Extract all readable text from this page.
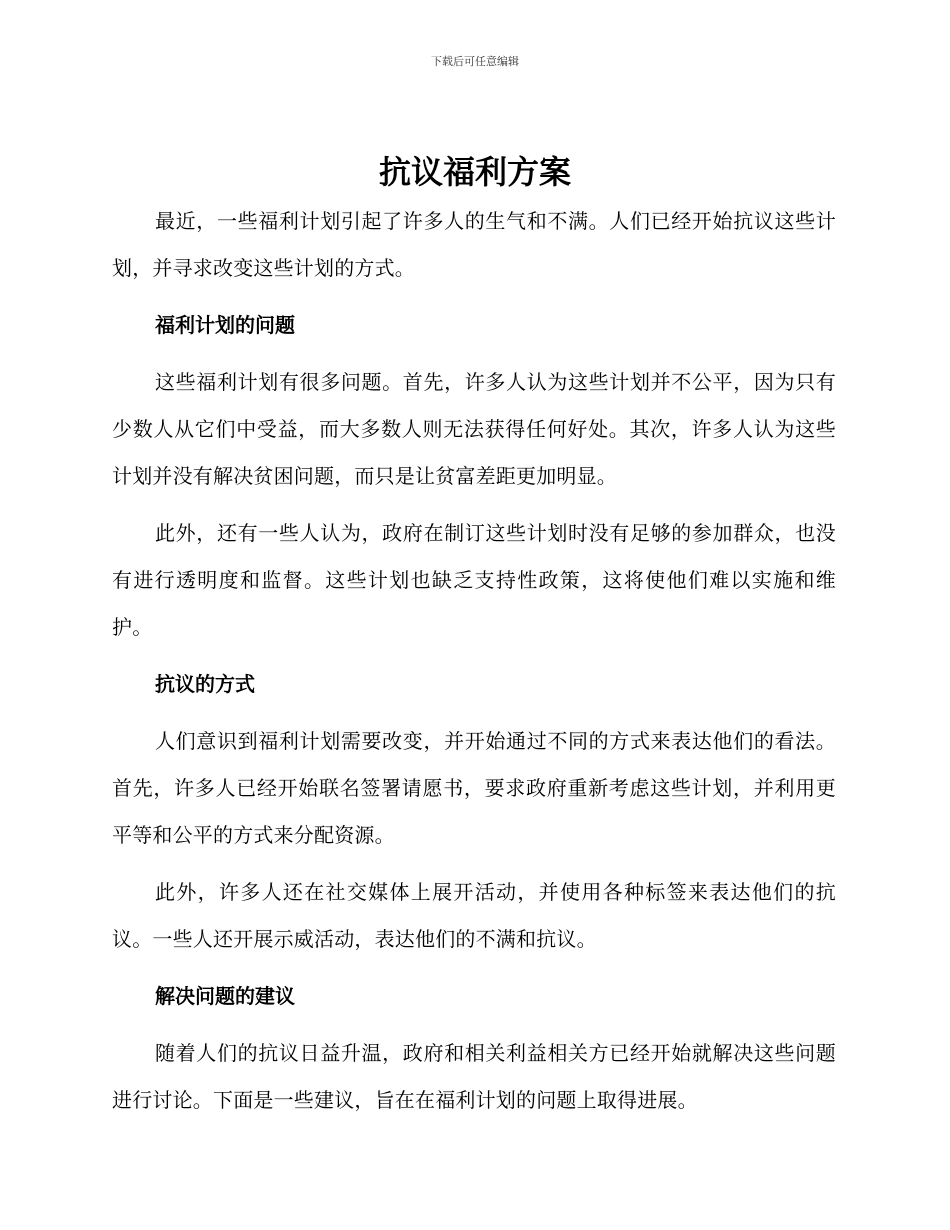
下载后可任意编辑
抗议福利方案

最近，一些福利计划引起了许多人的生气和不满。人们已经开始抗议这些计划，并寻求改变这些计划的方式。

福利计划的问题

这些福利计划有很多问题。首先，许多人认为这些计划并不公平，因为只有少数人从它们中受益，而大多数人则无法获得任何好处。其次，许多人认为这些计划并没有解决贫困问题，而只是让贫富差距更加明显。

此外，还有一些人认为，政府在制订这些计划时没有足够的参加群众，也没有进行透明度和监督。这些计划也缺乏支持性政策，这将使他们难以实施和维护。

抗议的方式

人们意识到福利计划需要改变，并开始通过不同的方式来表达他们的看法。首先，许多人已经开始联名签署请愿书，要求政府重新考虑这些计划，并利用更平等和公平的方式来分配资源。

此外，许多人还在社交媒体上展开活动，并使用各种标签来表达他们的抗议。一些人还开展示威活动，表达他们的不满和抗议。

解决问题的建议

随着人们的抗议日益升温，政府和相关利益相关方已经开始就解决这些问题进行讨论。下面是一些建议，旨在在福利计划的问题上取得进展。
